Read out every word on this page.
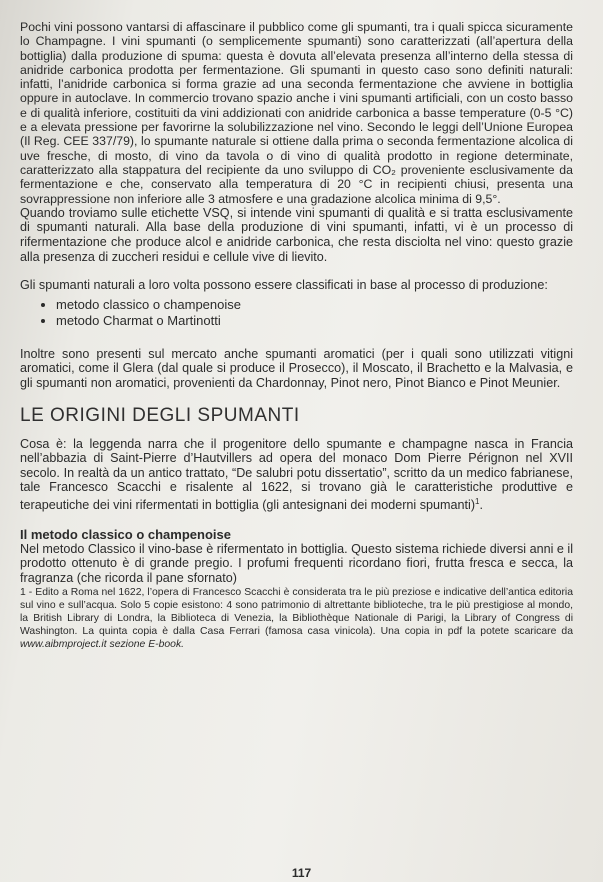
Pochi vini possono vantarsi di affascinare il pubblico come gli spumanti, tra i quali spicca sicuramente lo Champagne. I vini spumanti (o semplicemente spumanti) sono caratterizzati (all’apertura della bottiglia) dalla produzione di spuma: questa è dovuta all’elevata presenza all’interno della stessa di anidride carbonica prodotta per fermentazione. Gli spumanti in questo caso sono definiti naturali: infatti, l’anidride carbonica si forma grazie ad una seconda fermentazione che avviene in bottiglia oppure in autoclave. In commercio trovano spazio anche i vini spumanti artificiali, con un costo basso e di qualità inferiore, costituiti da vini addizionati con anidride carbonica a basse temperature (0-5 °C) e a elevata pressione per favorirne la solubilizzazione nel vino. Secondo le leggi dell’Unione Europea (Il Reg. CEE 337/79), lo spumante naturale si ottiene dalla prima o seconda fermentazione alcolica di uve fresche, di mosto, di vino da tavola o di vino di qualità prodotto in regione determinate, caratterizzato alla stappatura del recipiente da uno sviluppo di CO₂ proveniente esclusivamente da fermentazione e che, conservato alla temperatura di 20 °C in recipienti chiusi, presenta una sovrappressione non inferiore alle 3 atmosfere e una gradazione alcolica minima di 9,5°.

Quando troviamo sulle etichette VSQ, si intende vini spumanti di qualità e si tratta esclusivamente di spumanti naturali. Alla base della produzione di vini spumanti, infatti, vi è un processo di rifermentazione che produce alcol e anidride carbonica, che resta disciolta nel vino: questo grazie alla presenza di zuccheri residui e cellule vive di lievito.

Gli spumanti naturali a loro volta possono essere classificati in base al processo di produzione:

• metodo classico o champenoise
• metodo Charmat o Martinotti

Inoltre sono presenti sul mercato anche spumanti aromatici (per i quali sono utilizzati vitigni aromatici, come il Glera (dal quale si produce il Prosecco), il Moscato, il Brachetto e la Malvasia, e gli spumanti non aromatici, provenienti da Chardonnay, Pinot nero, Pinot Bianco e Pinot Meunier.

LE ORIGINI DEGLI SPUMANTI

Cosa è: la leggenda narra che il progenitore dello spumante e champagne nasca in Francia nell’abbazia di Saint-Pierre d’Hautvillers ad opera del monaco Dom Pierre Pérignon nel XVII secolo. In realtà da un antico trattato, “De salubri potu dissertatio”, scritto da un medico fabrianese, tale Francesco Scacchi e risalente al 1622, si trovano già le caratteristiche produttive e terapeutiche dei vini rifermentati in bottiglia (gli antesignani dei moderni spumanti)$^1$.

Il metodo classico o champenoise

Nel metodo Classico il vino-base è rifermentato in bottiglia. Questo sistema richiede diversi anni e il prodotto ottenuto è di grande pregio. I profumi frequenti ricordano fiori, frutta fresca e secca, la fragranza (che ricorda il pane sfornato)

1 - Edito a Roma nel 1622, l’opera di Francesco Scacchi è considerata tra le più preziose e indicative dell’antica editoria sul vino e sull’acqua. Solo 5 copie esistono: 4 sono patrimonio di altrettante biblioteche, tra le più prestigiose al mondo, la British Library di Londra, la Biblioteca di Venezia, la Bibliothèque Nationale di Parigi, la Library of Congress di Washington. La quinta copia è dalla Casa Ferrari (famosa casa vinicola). Una copia in pdf la potete scaricare da www.aibmproject.it sezione E-book.

117
